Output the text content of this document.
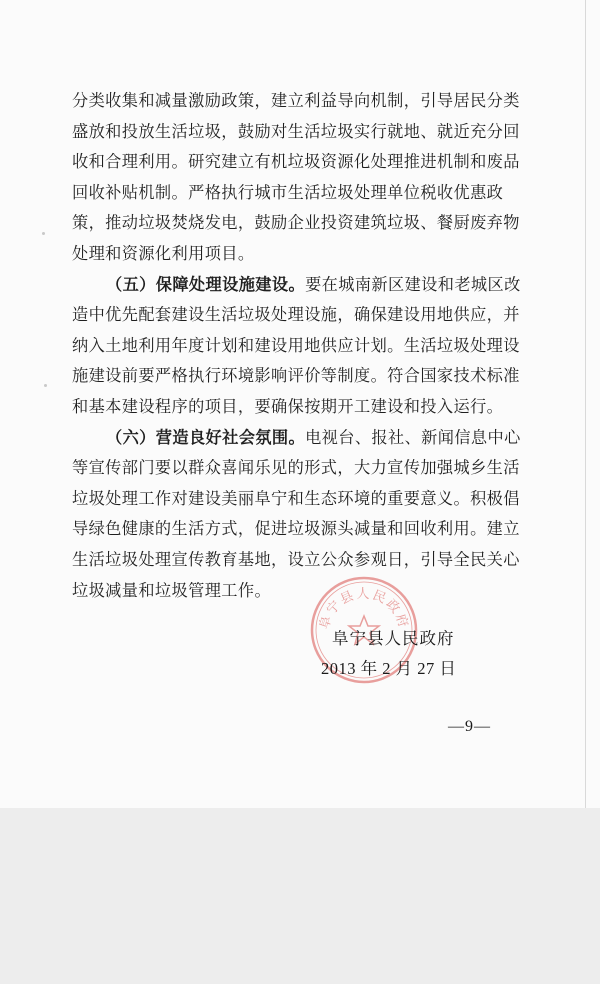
分类收集和减量激励政策，建立利益导向机制，引导居民分类盛放和投放生活垃圾，鼓励对生活垃圾实行就地、就近充分回收和合理利用。研究建立有机垃圾资源化处理推进机制和废品回收补贴机制。严格执行城市生活垃圾处理单位税收优惠政策，推动垃圾焚烧发电，鼓励企业投资建筑垃圾、餐厨废弃物处理和资源化利用项目。

（五）保障处理设施建设。要在城南新区建设和老城区改造中优先配套建设生活垃圾处理设施，确保建设用地供应，并纳入土地利用年度计划和建设用地供应计划。生活垃圾处理设施建设前要严格执行环境影响评价等制度。符合国家技术标准和基本建设程序的项目，要确保按期开工建设和投入运行。

（六）营造良好社会氛围。电视台、报社、新闻信息中心等宣传部门要以群众喜闻乐见的形式，大力宣传加强城乡生活垃圾处理工作对建设美丽阜宁和生态环境的重要意义。积极倡导绿色健康的生活方式，促进垃圾源头减量和回收利用。建立生活垃圾处理宣传教育基地，设立公众参观日，引导全民关心垃圾减量和垃圾管理工作。

阜宁县人民政府
阜宁县人民政府
2013 年 2 月 27 日
—9—
